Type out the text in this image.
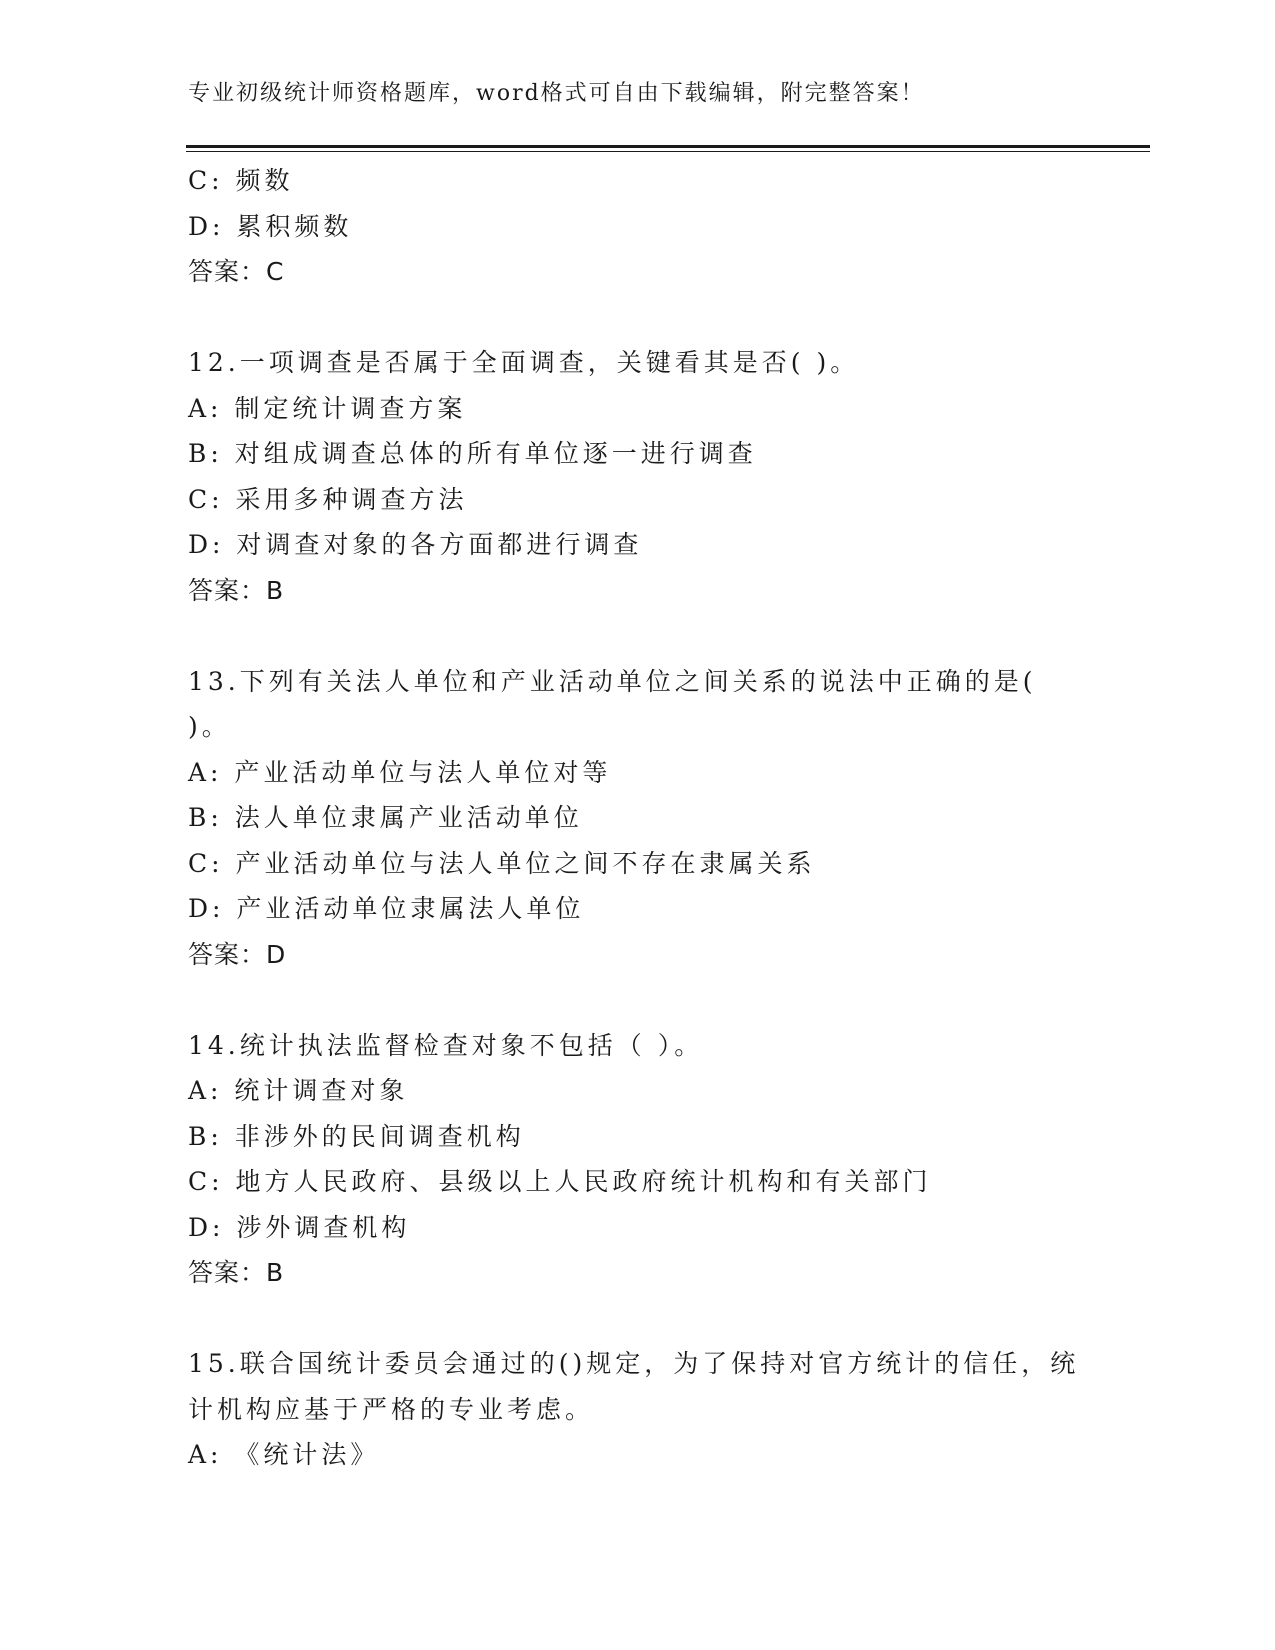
专业初级统计师资格题库，word格式可自由下载编辑，附完整答案！
C: 频数
D: 累积频数
答案：C
12.一项调查是否属于全面调查，关键看其是否( )。
A: 制定统计调查方案
B: 对组成调查总体的所有单位逐一进行调查
C: 采用多种调查方法
D: 对调查对象的各方面都进行调查
答案：B
13.下列有关法人单位和产业活动单位之间关系的说法中正确的是(
)。
A: 产业活动单位与法人单位对等
B: 法人单位隶属产业活动单位
C: 产业活动单位与法人单位之间不存在隶属关系
D: 产业活动单位隶属法人单位
答案：D
14.统计执法监督检查对象不包括（ ）。
A: 统计调查对象
B: 非涉外的民间调查机构
C: 地方人民政府、县级以上人民政府统计机构和有关部门
D: 涉外调查机构
答案：B
15.联合国统计委员会通过的()规定，为了保持对官方统计的信任，统
计机构应基于严格的专业考虑。
A: 《统计法》
